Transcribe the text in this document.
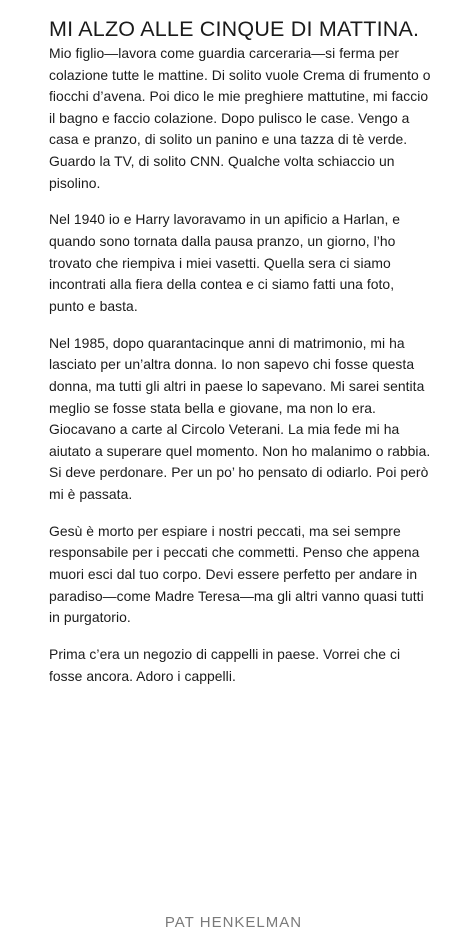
MI ALZO ALLE CINQUE DI MATTINA.

Mio figlio—lavora come guardia carceraria—si ferma per colazione tutte le mattine. Di solito vuole Crema di frumento o fiocchi d’avena. Poi dico le mie preghiere mattutine, mi faccio il bagno e faccio colazione. Dopo pulisco le case. Vengo a casa e pranzo, di solito un panino e una tazza di tè verde. Guardo la TV, di solito CNN. Qualche volta schiaccio un pisolino.

Nel 1940 io e Harry lavoravamo in un apificio a Harlan, e quando sono tornata dalla pausa pranzo, un giorno, l’ho trovato che riempiva i miei vasetti. Quella sera ci siamo incontrati alla fiera della contea e ci siamo fatti una foto, punto e basta.

Nel 1985, dopo quarantacinque anni di matrimonio, mi ha lasciato per un’altra donna. Io non sapevo chi fosse questa donna, ma tutti gli altri in paese lo sapevano. Mi sarei sentita meglio se fosse stata bella e giovane, ma non lo era. Giocavano a carte al Circolo Veterani. La mia fede mi ha aiutato a superare quel momento. Non ho malanimo o rabbia. Si deve perdonare. Per un po’ ho pensato di odiarlo. Poi però mi è passata.

Gesù è morto per espiare i nostri peccati, ma sei sempre responsabile per i peccati che commetti. Penso che appena muori esci dal tuo corpo. Devi essere perfetto per andare in paradiso—come Madre Teresa—ma gli altri vanno quasi tutti in purgatorio.

Prima c’era un negozio di cappelli in paese. Vorrei che ci fosse ancora. Adoro i cappelli.

PAT HENKELMAN
